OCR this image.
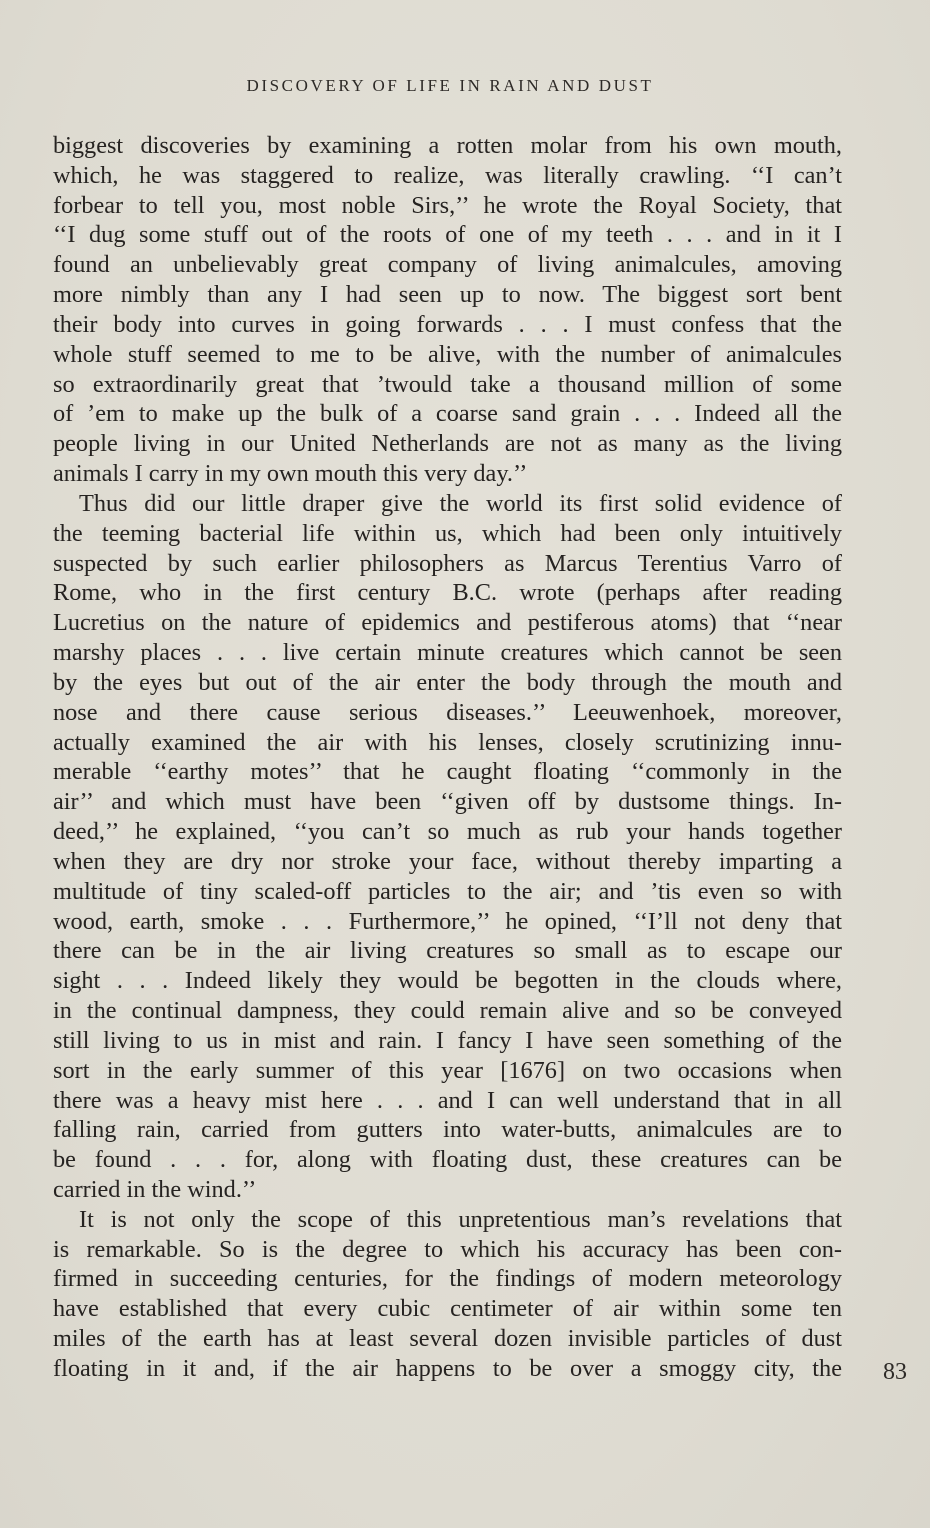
DISCOVERY OF LIFE IN RAIN AND DUST
biggest discoveries by examining a rotten molar from his own mouth,
which, he was staggered to realize, was literally crawling. ‘‘I can’t
forbear to tell you, most noble Sirs,’’ he wrote the Royal Society, that
‘‘I dug some stuff out of the roots of one of my teeth . . . and in it I
found an unbelievably great company of living animalcules, amoving
more nimbly than any I had seen up to now. The biggest sort bent
their body into curves in going forwards . . . I must confess that the
whole stuff seemed to me to be alive, with the number of animalcules
so extraordinarily great that ’twould take a thousand million of some
of ’em to make up the bulk of a coarse sand grain . . . Indeed all the
people living in our United Netherlands are not as many as the living
animals I carry in my own mouth this very day.’’
Thus did our little draper give the world its first solid evidence of
the teeming bacterial life within us, which had been only intuitively
suspected by such earlier philosophers as Marcus Terentius Varro of
Rome, who in the first century B.C. wrote (perhaps after reading
Lucretius on the nature of epidemics and pestiferous atoms) that ‘‘near
marshy places . . . live certain minute creatures which cannot be seen
by the eyes but out of the air enter the body through the mouth and
nose and there cause serious diseases.’’ Leeuwenhoek, moreover,
actually examined the air with his lenses, closely scrutinizing innu-
merable ‘‘earthy motes’’ that he caught floating ‘‘commonly in the
air’’ and which must have been ‘‘given off by dustsome things. In-
deed,’’ he explained, ‘‘you can’t so much as rub your hands together
when they are dry nor stroke your face, without thereby imparting a
multitude of tiny scaled-off particles to the air; and ’tis even so with
wood, earth, smoke . . . Furthermore,’’ he opined, ‘‘I’ll not deny that
there can be in the air living creatures so small as to escape our
sight . . . Indeed likely they would be begotten in the clouds where,
in the continual dampness, they could remain alive and so be conveyed
still living to us in mist and rain. I fancy I have seen something of the
sort in the early summer of this year [1676] on two occasions when
there was a heavy mist here . . . and I can well understand that in all
falling rain, carried from gutters into water-butts, animalcules are to
be found . . . for, along with floating dust, these creatures can be
carried in the wind.’’
It is not only the scope of this unpretentious man’s revelations that
is remarkable. So is the degree to which his accuracy has been con-
firmed in succeeding centuries, for the findings of modern meteorology
have established that every cubic centimeter of air within some ten
miles of the earth has at least several dozen invisible particles of dust
floating in it and, if the air happens to be over a smoggy city, the 83
